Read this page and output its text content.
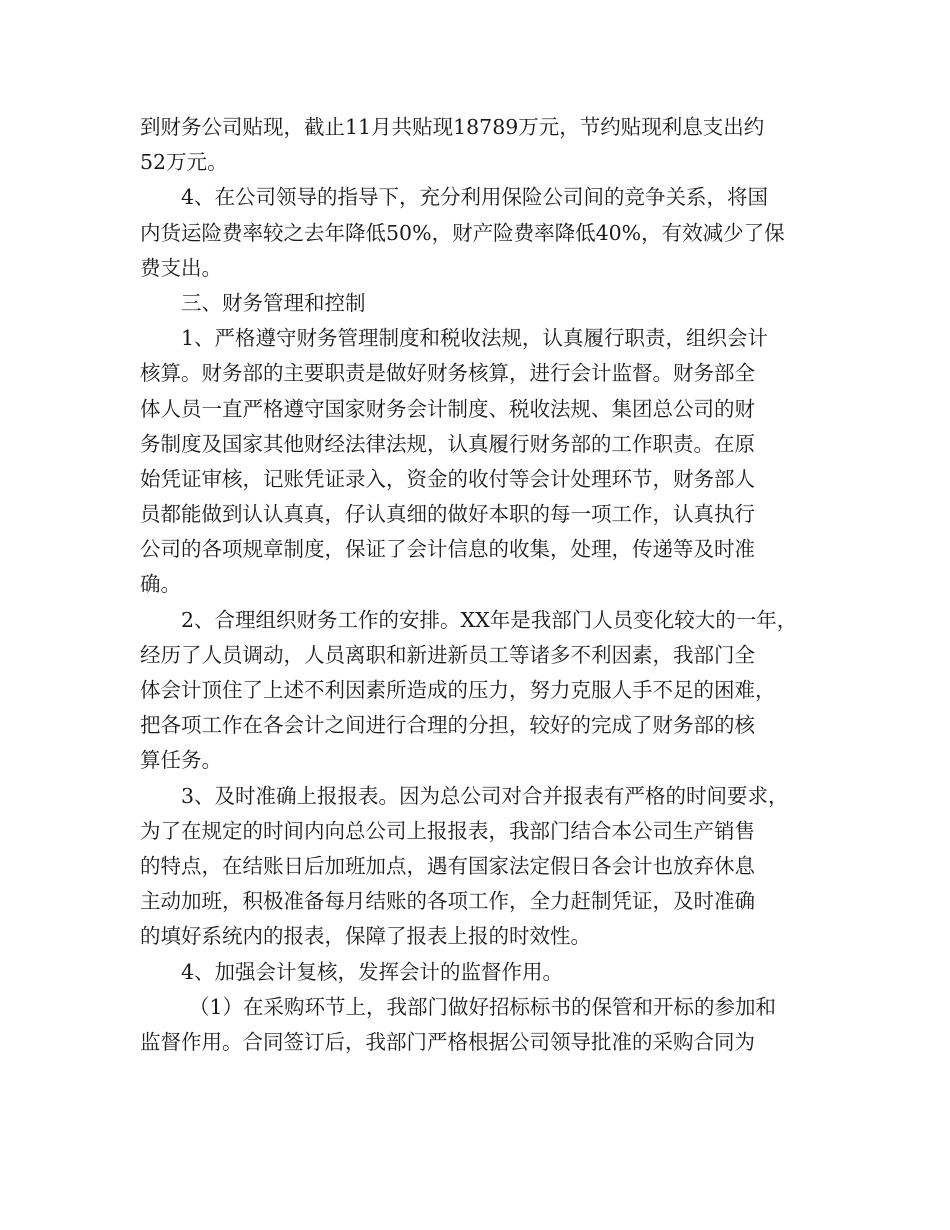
到财务公司贴现，截止11月共贴现18789万元，节约贴现利息支出约
52万元。

4、在公司领导的指导下，充分利用保险公司间的竞争关系，将国
内货运险费率较之去年降低50%，财产险费率降低40%，有效减少了保
费支出。

三、财务管理和控制

1、严格遵守财务管理制度和税收法规，认真履行职责，组织会计
核算。财务部的主要职责是做好财务核算，进行会计监督。财务部全
体人员一直严格遵守国家财务会计制度、税收法规、集团总公司的财
务制度及国家其他财经法律法规，认真履行财务部的工作职责。在原
始凭证审核，记账凭证录入，资金的收付等会计处理环节，财务部人
员都能做到认认真真，仔认真细的做好本职的每一项工作，认真执行
公司的各项规章制度，保证了会计信息的收集，处理，传递等及时准
确。

2、合理组织财务工作的安排。XX年是我部门人员变化较大的一年，
经历了人员调动，人员离职和新进新员工等诸多不利因素，我部门全
体会计顶住了上述不利因素所造成的压力，努力克服人手不足的困难，
把各项工作在各会计之间进行合理的分担，较好的完成了财务部的核
算任务。

3、及时准确上报报表。因为总公司对合并报表有严格的时间要求，
为了在规定的时间内向总公司上报报表，我部门结合本公司生产销售
的特点，在结账日后加班加点，遇有国家法定假日各会计也放弃休息
主动加班，积极准备每月结账的各项工作，全力赶制凭证，及时准确
的填好系统内的报表，保障了报表上报的时效性。

4、加强会计复核，发挥会计的监督作用。

（1）在采购环节上，我部门做好招标标书的保管和开标的参加和
监督作用。合同签订后，我部门严格根据公司领导批准的采购合同为
